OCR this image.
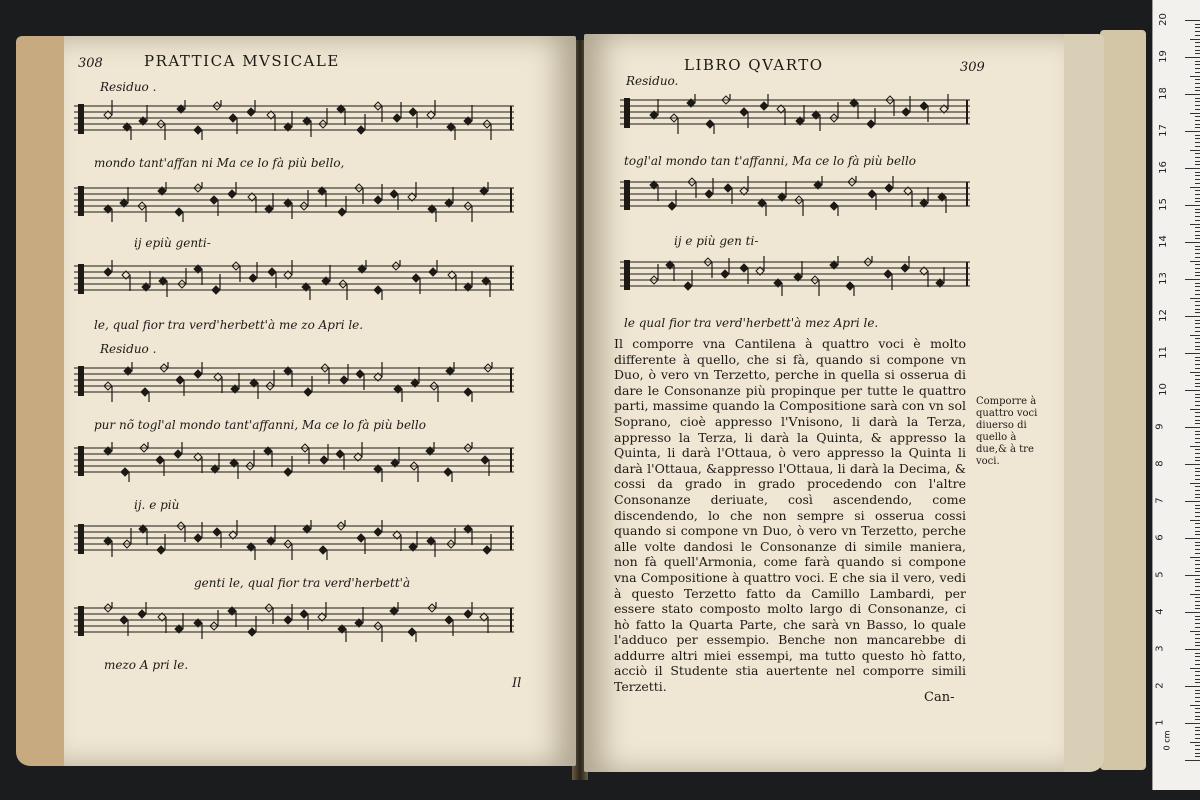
308	PRATTICA MVSICALE
Residuo .
mondo tant'affan ni Ma ce lo fà più bello,
ij epiù genti-
le, qual fior tra verd'herbett'à me zo Apri le.
Residuo .
pur nõ togl'al mondo tant'affanni, Ma ce lo fà più bello
ij. e più
genti le, qual fior tra verd'herbett'à
mezo A pri le.
Il
LIBRO QVARTO	309
Residuo.
togl'al mondo tan t'affanni, Ma ce lo fà più bello
ij e più gen ti-
le qual fior tra verd'herbett'à mez Apri le.

Il comporre vna Cantilena à quattro voci è molto differente à quello, che si fà, quando si compone vn Duo, ò vero vn Terzetto, perche in quella si osserua di dare le Consonanze più propinque per tutte le quattro parti, massime quando la Compositione sarà con vn sol Soprano, cioè appresso l'Vnisono, li darà la Terza, appresso la Terza, li darà la Quinta, & appresso la Quinta, li darà l'Ottaua, ò vero appresso la Quinta li darà l'Ottaua, &appresso l'Ottaua, li darà la Decima, & cossi da grado in grado procedendo con l'altre Consonanze deriuate, così ascendendo, come discendendo, lo che non sempre si osserua cossi quando si compone vn Duo, ò vero vn Terzetto, perche alle volte dandosi le Consonanze di simile maniera, non fà quell'Armonia, come farà quando si compone vna Compositione à quattro voci. E che sia il vero, vedi à questo Terzetto fatto da Camillo Lambardi, per essere stato composto molto largo di Consonanze, ci hò fatto la Quarta Parte, che sarà vn Basso, lo quale l'adduco per essempio. Benche non mancarebbe di addurre altri miei essempi, ma tutto questo hò fatto, acciò il Studente stia auertente nel comporre simili Terzetti.

Comporre à quattro voci diuerso di quello à due,& à tre voci.
Can-
20
19
18
17
16
15
14
13
12
11
10
9
8
7
6
5
4
3
2
1
0 cm
